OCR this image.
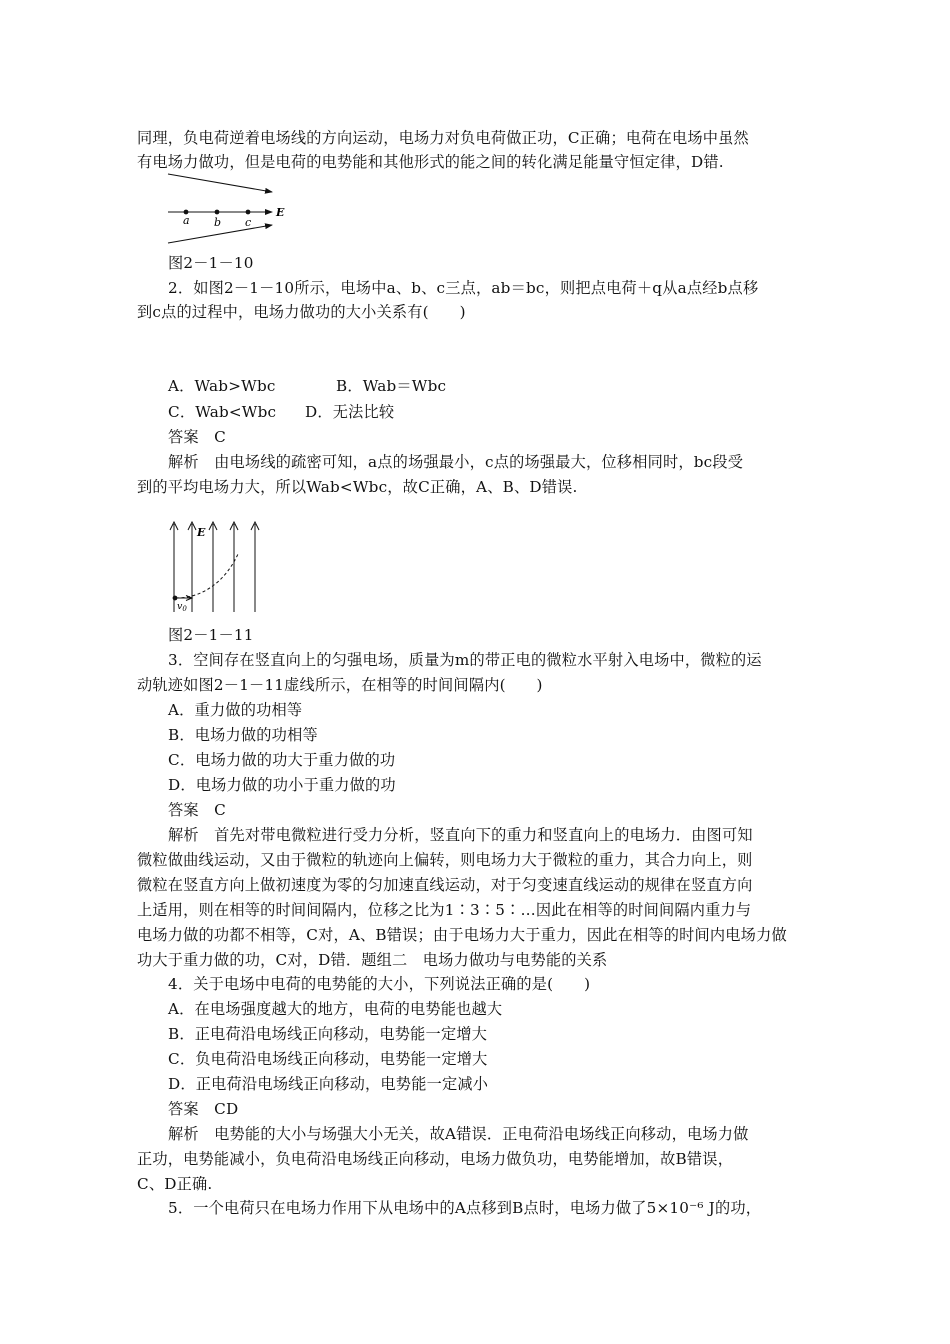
同理，负电荷逆着电场线的方向运动，电场力对负电荷做正功，C正确；电荷在电场中虽然
有电场力做功，但是电荷的电势能和其他形式的能之间的转化满足能量守恒定律，D错.
a b c
E
图2－1－10
2．如图2－1－10所示，电场中a、b、c三点，ab＝bc，则把点电荷＋q从a点经b点移
到c点的过程中，电场力做功的大小关系有(　　)
A．Wab>Wbc	B．Wab＝Wbc
C．Wab<Wbc D．无法比较
答案　C
解析　由电场线的疏密可知，a点的场强最小，c点的场强最大，位移相同时，bc段受
到的平均电场力大，所以Wab<Wbc，故C正确，A、B、D错误.
E
$v_0$
图2－1－11
3．空间存在竖直向上的匀强电场，质量为m的带正电的微粒水平射入电场中，微粒的运
动轨迹如图2－1－11虚线所示，在相等的时间间隔内(　　)
A．重力做的功相等
B．电场力做的功相等
C．电场力做的功大于重力做的功
D．电场力做的功小于重力做的功
答案　C
解析　首先对带电微粒进行受力分析，竖直向下的重力和竖直向上的电场力．由图可知
微粒做曲线运动，又由于微粒的轨迹向上偏转，则电场力大于微粒的重力，其合力向上，则
微粒在竖直方向上做初速度为零的匀加速直线运动，对于匀变速直线运动的规律在竖直方向
上适用，则在相等的时间间隔内，位移之比为1∶3∶5∶…因此在相等的时间间隔内重力与
电场力做的功都不相等，C对，A、B错误；由于电场力大于重力，因此在相等的时间内电场力做
功大于重力做的功，C对，D错．题组二　电场力做功与电势能的关系
4．关于电场中电荷的电势能的大小，下列说法正确的是(　　)
A．在电场强度越大的地方，电荷的电势能也越大
B．正电荷沿电场线正向移动，电势能一定增大
C．负电荷沿电场线正向移动，电势能一定增大
D．正电荷沿电场线正向移动，电势能一定减小
答案　CD
解析　电势能的大小与场强大小无关，故A错误．正电荷沿电场线正向移动，电场力做
正功，电势能减小，负电荷沿电场线正向移动，电场力做负功，电势能增加，故B错误，
C、D正确.
5．一个电荷只在电场力作用下从电场中的A点移到B点时，电场力做了5×10⁻⁶ J的功，
